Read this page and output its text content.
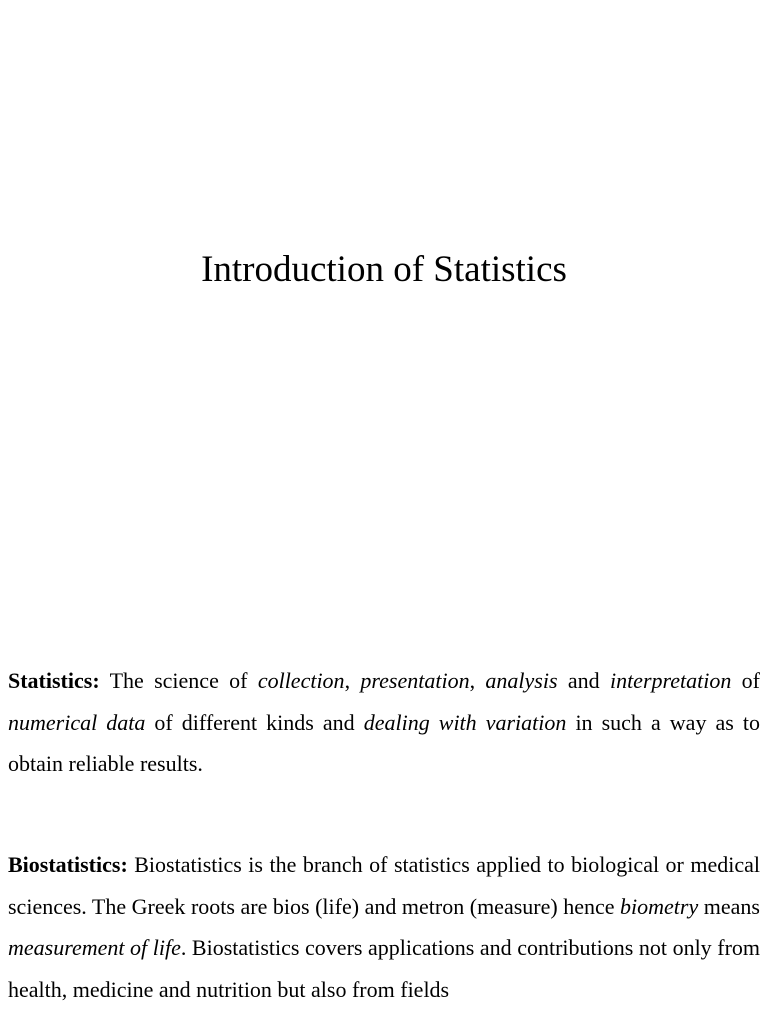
Introduction of Statistics

Statistics: The science of collection, presentation, analysis and interpretation of numerical data of different kinds and dealing with variation in such a way as to obtain reliable results.

Biostatistics: Biostatistics is the branch of statistics applied to biological or medical sciences. The Greek roots are bios (life) and metron (measure) hence biometry means measurement of life. Biostatistics covers applications and contributions not only from health, medicine and nutrition but also from fields
